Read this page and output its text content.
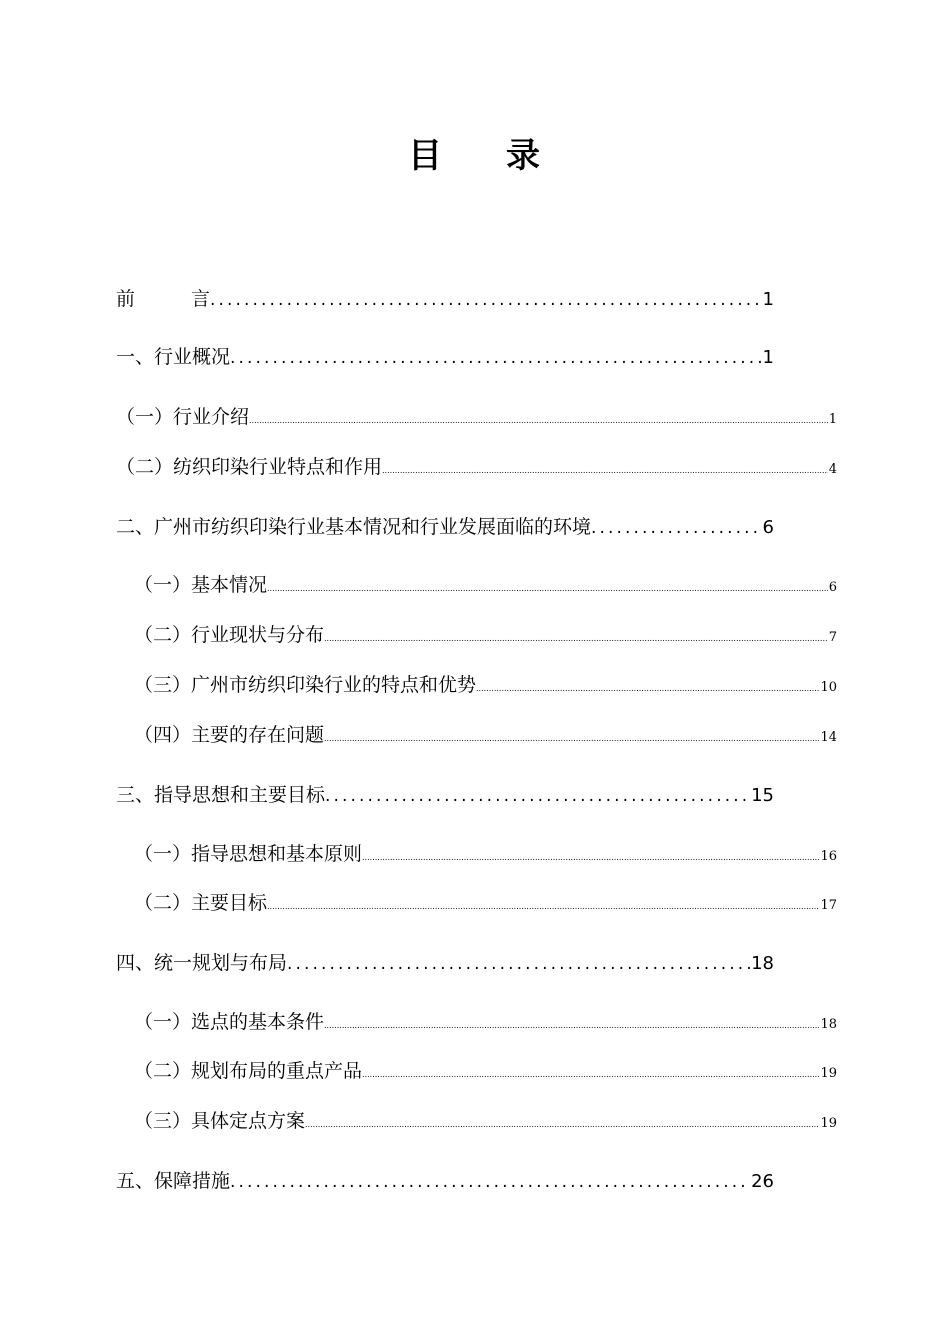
目 录
前	言 .....	1
一、行业概况 .....	1
（一）行业介绍 .....	1
（二）纺织印染行业特点和作用 .....	4
二、广州市纺织印染行业基本情况和行业发展面临的环境 .....	6
（一）基本情况 .....	6
（二）行业现状与分布 .....	7
（三）广州市纺织印染行业的特点和优势 .....	10
（四）主要的存在问题 .....	14
三、指导思想和主要目标 .....	15
（一）指导思想和基本原则 .....	16
（二）主要目标 .....	17
四、统一规划与布局 .....	18
（一）选点的基本条件 .....	18
（二）规划布局的重点产品 .....	19
（三）具体定点方案 .....	19
五、保障措施 .....	26
